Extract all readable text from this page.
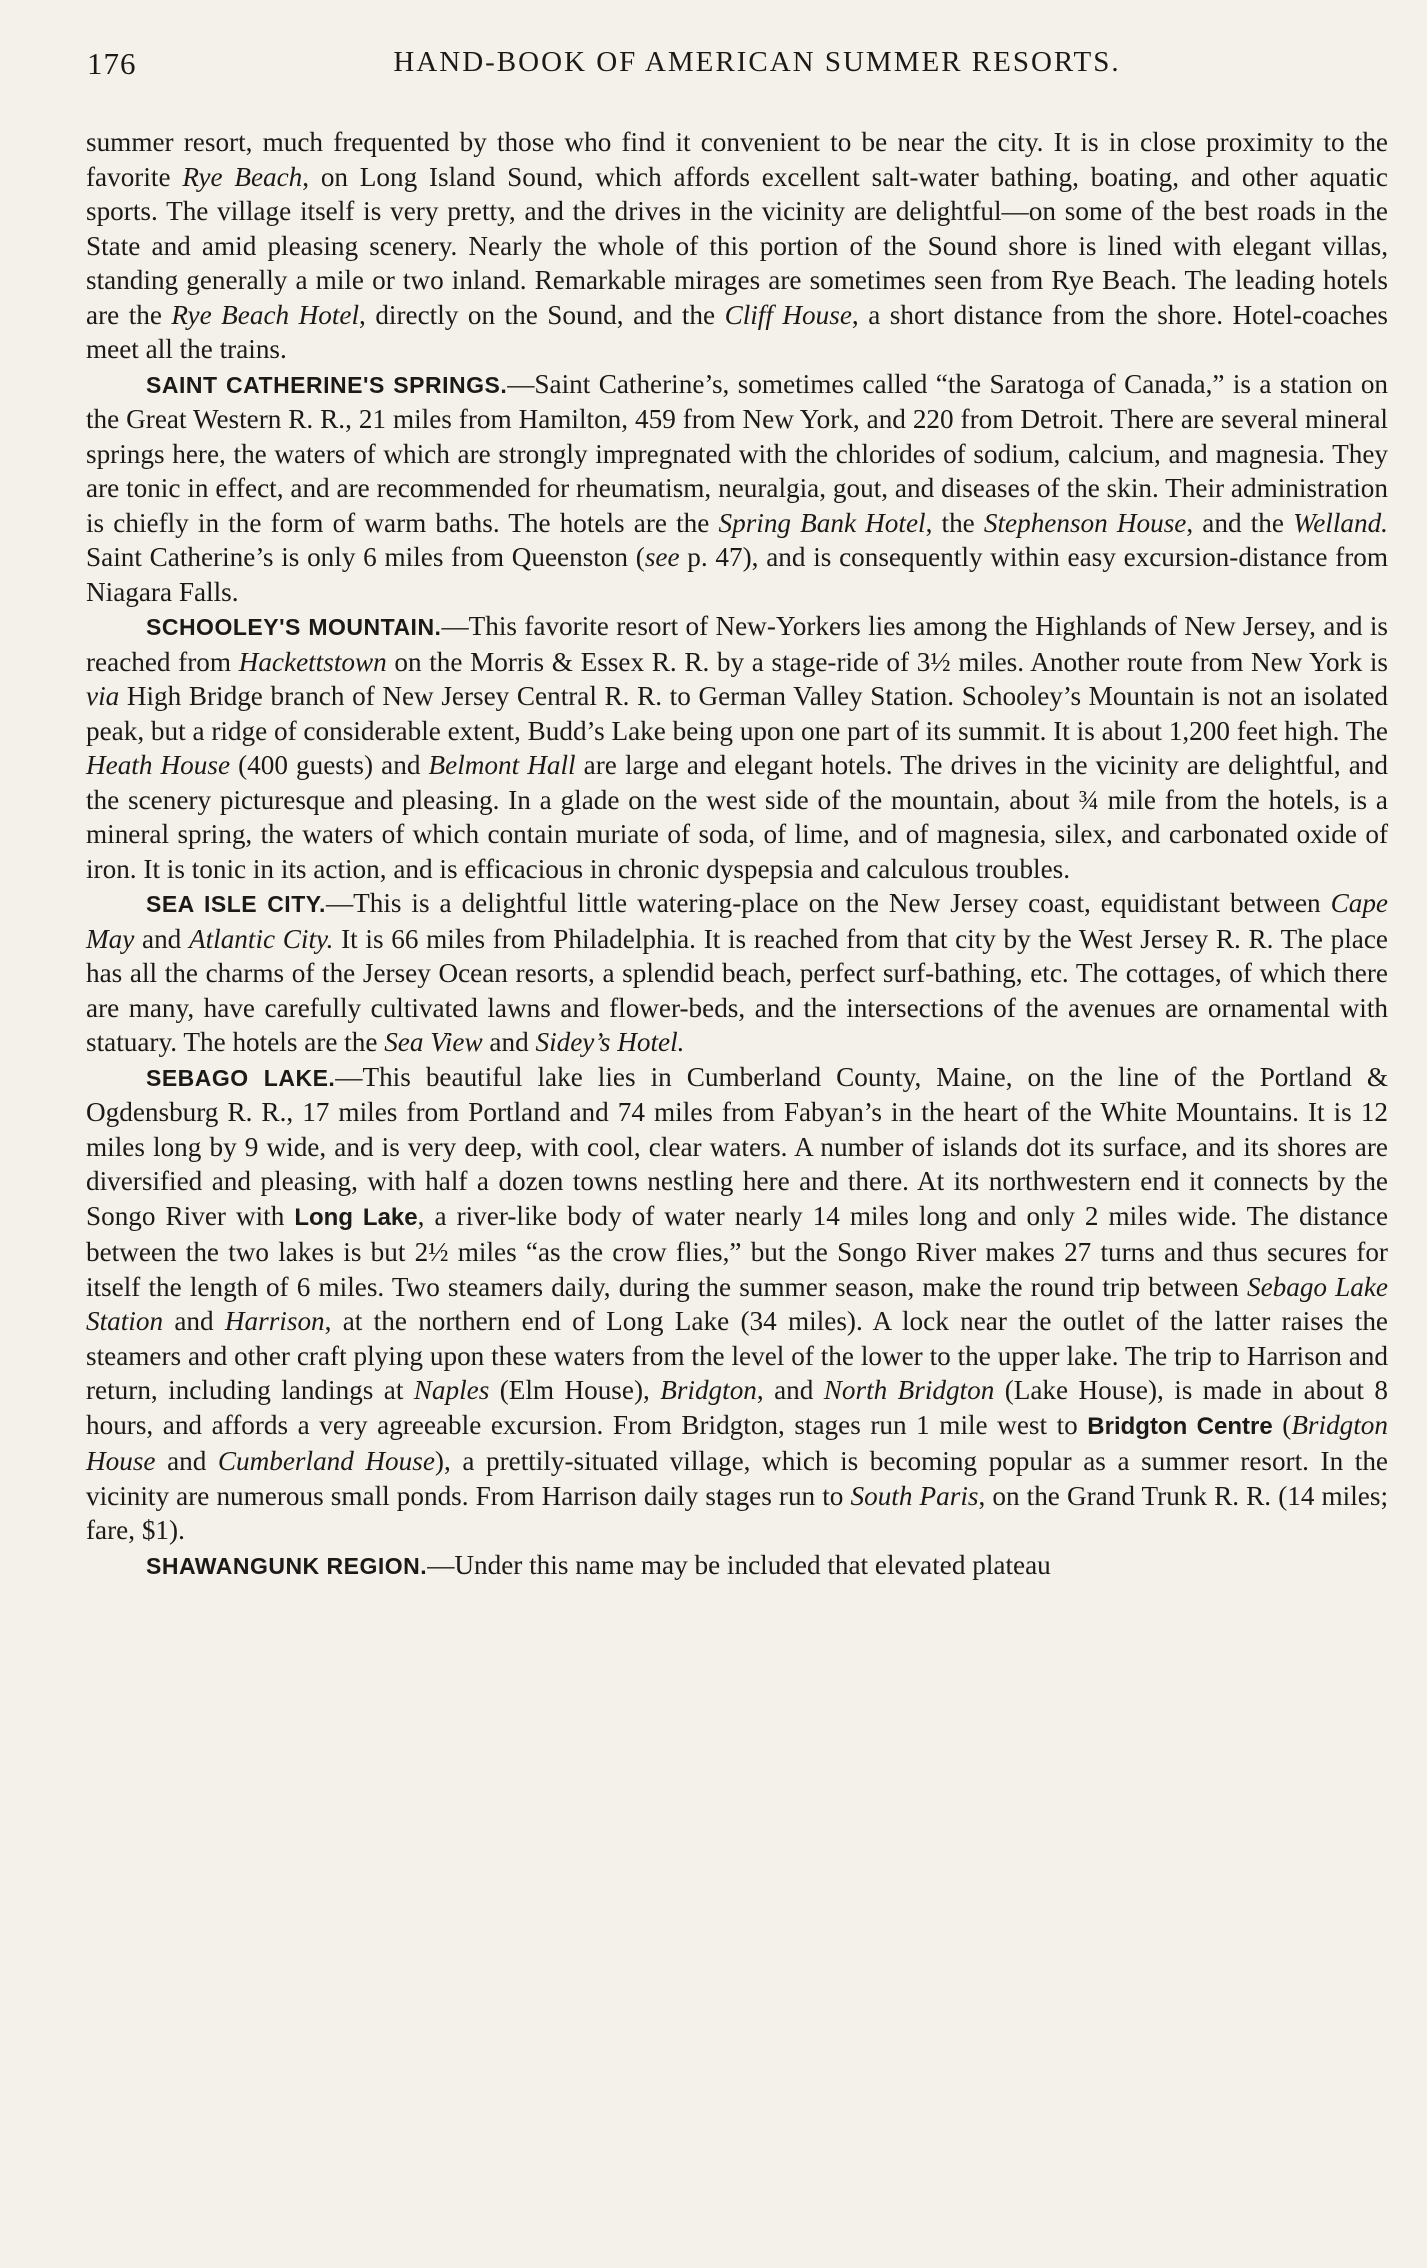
176	HAND-BOOK OF AMERICAN SUMMER RESORTS.

summer resort, much frequented by those who find it convenient to be near the city. It is in close proximity to the favorite Rye Beach, on Long Island Sound, which affords excellent salt-water bathing, boating, and other aquatic sports. The village itself is very pretty, and the drives in the vicinity are delightful—on some of the best roads in the State and amid pleasing scenery. Nearly the whole of this portion of the Sound shore is lined with elegant villas, standing generally a mile or two inland. Remarkable mirages are sometimes seen from Rye Beach. The leading hotels are the Rye Beach Hotel, directly on the Sound, and the Cliff House, a short distance from the shore. Hotel-coaches meet all the trains.

SAINT CATHERINE'S SPRINGS.—Saint Catherine’s, sometimes called “the Saratoga of Canada,” is a station on the Great Western R. R., 21 miles from Hamilton, 459 from New York, and 220 from Detroit. There are several mineral springs here, the waters of which are strongly impregnated with the chlorides of sodium, calcium, and magnesia. They are tonic in effect, and are recommended for rheumatism, neuralgia, gout, and diseases of the skin. Their administration is chiefly in the form of warm baths. The hotels are the Spring Bank Hotel, the Stephenson House, and the Welland. Saint Catherine’s is only 6 miles from Queenston (see p. 47), and is consequently within easy excursion-distance from Niagara Falls.

SCHOOLEY'S MOUNTAIN.—This favorite resort of New-Yorkers lies among the Highlands of New Jersey, and is reached from Hackettstown on the Morris & Essex R. R. by a stage-ride of 3½ miles. Another route from New York is via High Bridge branch of New Jersey Central R. R. to German Valley Station. Schooley’s Mountain is not an isolated peak, but a ridge of considerable extent, Budd’s Lake being upon one part of its summit. It is about 1,200 feet high. The Heath House (400 guests) and Belmont Hall are large and elegant hotels. The drives in the vicinity are delightful, and the scenery picturesque and pleasing. In a glade on the west side of the mountain, about ¾ mile from the hotels, is a mineral spring, the waters of which contain muriate of soda, of lime, and of magnesia, silex, and carbonated oxide of iron. It is tonic in its action, and is efficacious in chronic dyspepsia and calculous troubles.

SEA ISLE CITY.—This is a delightful little watering-place on the New Jersey coast, equidistant between Cape May and Atlantic City. It is 66 miles from Philadelphia. It is reached from that city by the West Jersey R. R. The place has all the charms of the Jersey Ocean resorts, a splendid beach, perfect surf-bathing, etc. The cottages, of which there are many, have carefully cultivated lawns and flower-beds, and the intersections of the avenues are ornamental with statuary. The hotels are the Sea View and Sidey’s Hotel.

SEBAGO LAKE.—This beautiful lake lies in Cumberland County, Maine, on the line of the Portland & Ogdensburg R. R., 17 miles from Portland and 74 miles from Fabyan’s in the heart of the White Mountains. It is 12 miles long by 9 wide, and is very deep, with cool, clear waters. A number of islands dot its surface, and its shores are diversified and pleasing, with half a dozen towns nestling here and there. At its northwestern end it connects by the Songo River with Long Lake, a river-like body of water nearly 14 miles long and only 2 miles wide. The distance between the two lakes is but 2½ miles “as the crow flies,” but the Songo River makes 27 turns and thus secures for itself the length of 6 miles. Two steamers daily, during the summer season, make the round trip between Sebago Lake Station and Harrison, at the northern end of Long Lake (34 miles). A lock near the outlet of the latter raises the steamers and other craft plying upon these waters from the level of the lower to the upper lake. The trip to Harrison and return, including landings at Naples (Elm House), Bridgton, and North Bridgton (Lake House), is made in about 8 hours, and affords a very agreeable excursion. From Bridgton, stages run 1 mile west to Bridgton Centre (Bridgton House and Cumberland House), a prettily-situated village, which is becoming popular as a summer resort. In the vicinity are numerous small ponds. From Harrison daily stages run to South Paris, on the Grand Trunk R. R. (14 miles; fare, $1).

SHAWANGUNK REGION.—Under this name may be included that elevated plateau
